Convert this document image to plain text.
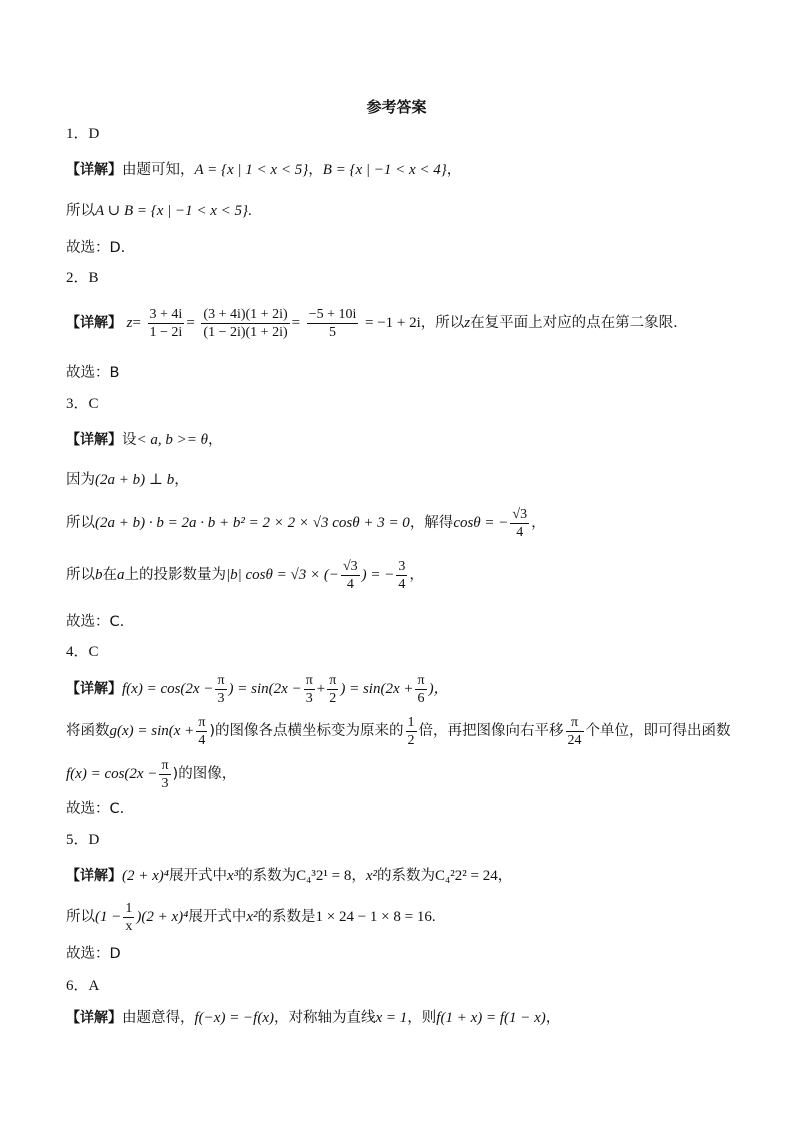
参考答案
1．D
【详解】由题可知，A = {x | 1 < x < 5}，B = {x | −1 < x < 4}，
所以A ∪ B = {x | −1 < x < 5}.
故选：D.
2．B
【详解】 $z= \frac{3 + 4i}{1 - 2i} = \frac{(3 + 4i)(1 + 2i)}{(1 - 2i)(1 + 2i)} = \frac{-5 + 10i}{5} = -1 + 2i$，所以z在复平面上对应的点在第二象限.
故选：B
3．C
【详解】设< a, b >= θ，
因为(2a + b) ⊥ b，
所以(2a + b) · b = 2a · b + b² = 2 × 2 × √3 cosθ + 3 = 0，解得cosθ = − $\frac{√3}{4}$ ，
所以b在a上的投影数量为|b| cosθ = √3 × (− $\frac{√3}{4}$ ) = − $\frac{3}{4}$ ，
故选：C.
4．C
【详解】$f(x) = \cos(2x - \frac{\pi}{3}$ ) = $\sin(2x - \frac{\pi}{3} + \frac{\pi}{2}$ ) = $\sin(2x + \frac{\pi}{6}$ )，
将函数$g(x) = \sin(x + \frac{\pi}{4}$ )的图像各点横坐标变为原来的 $\frac{1}{2}$ 倍，再把图像向右平移 $\frac{\pi}{24}$ 个单位，即可得出函数
$f(x) = \cos(2x - \frac{\pi}{3}$ )的图像，
故选：C.
5．D
【详解】(2 + x)⁴展开式中x³的系数为C₄³2¹ = 8，x²的系数为C₄²2² = 24，
所以$(1 - \frac{1}{x} )(2 + x)^4$展开式中x²的系数是1 × 24 − 1 × 8 = 16.
故选：D
6．A
【详解】由题意得，f(−x) = −f(x)，对称轴为直线x = 1，则f(1 + x) = f(1 − x)，
